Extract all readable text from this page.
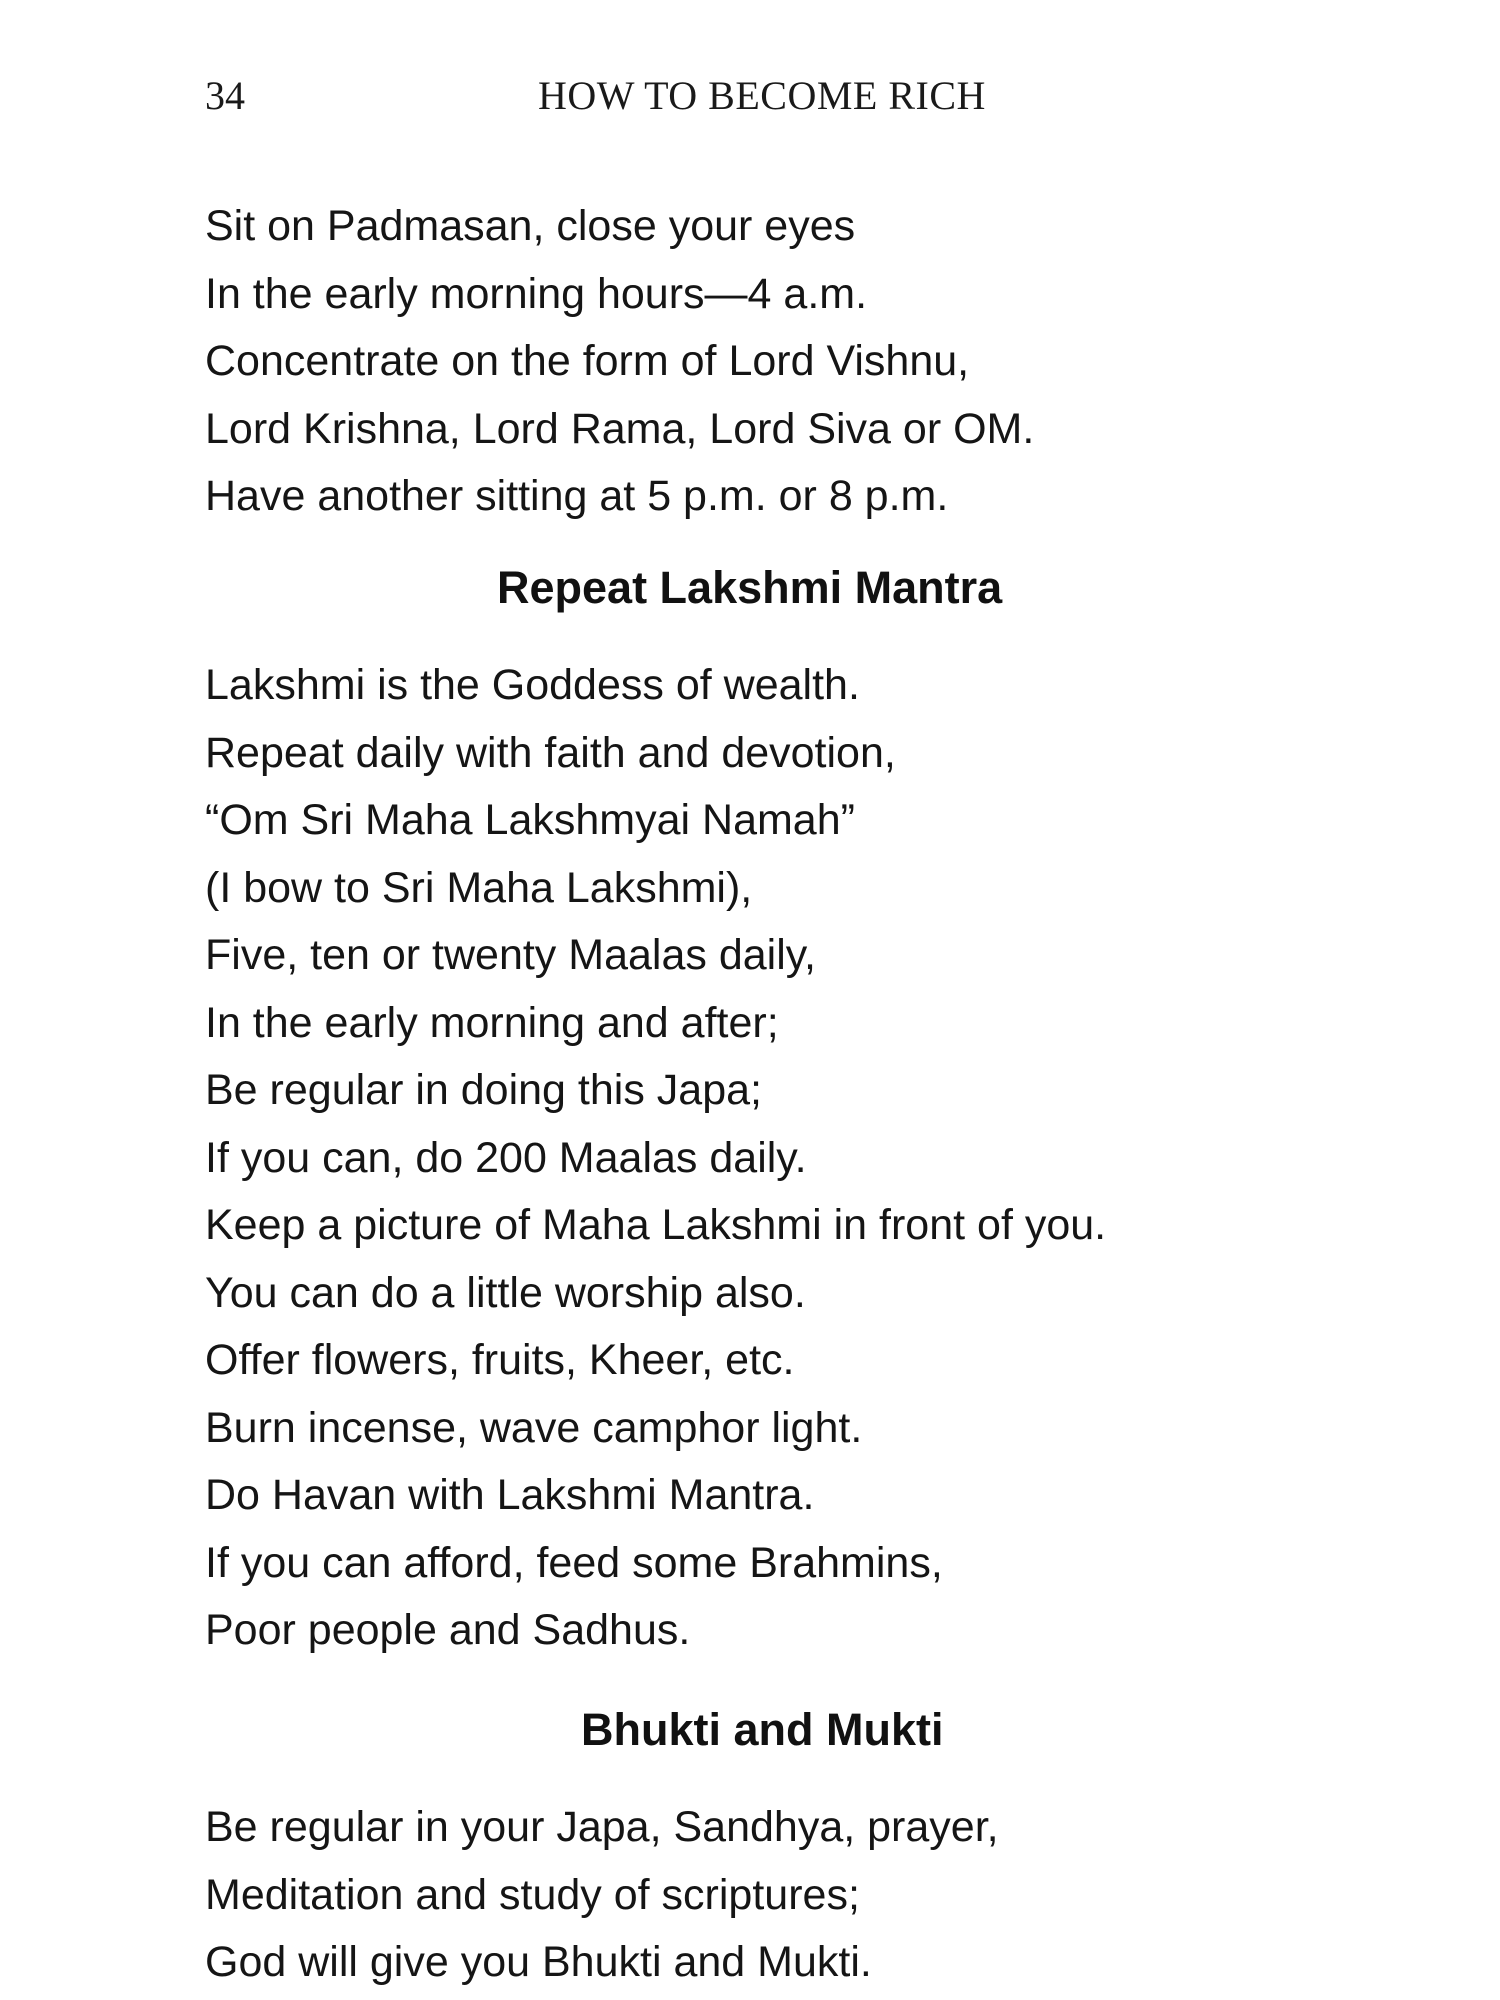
34	HOW TO BECOME RICH
Sit on Padmasan, close your eyes
In the early morning hours—4 a.m.
Concentrate on the form of Lord Vishnu,
Lord Krishna, Lord Rama, Lord Siva or OM.
Have another sitting at 5 p.m. or 8 p.m.
Repeat Lakshmi Mantra
Lakshmi is the Goddess of wealth.
Repeat daily with faith and devotion,
“Om Sri Maha Lakshmyai Namah”
(I bow to Sri Maha Lakshmi),
Five, ten or twenty Maalas daily,
In the early morning and after;
Be regular in doing this Japa;
If you can, do 200 Maalas daily.
Keep a picture of Maha Lakshmi in front of you.
You can do a little worship also.
Offer flowers, fruits, Kheer, etc.
Burn incense, wave camphor light.
Do Havan with Lakshmi Mantra.
If you can afford, feed some Brahmins,
Poor people and Sadhus.
Bhukti and Mukti
Be regular in your Japa, Sandhya, prayer,
Meditation and study of scriptures;
God will give you Bhukti and Mukti.
